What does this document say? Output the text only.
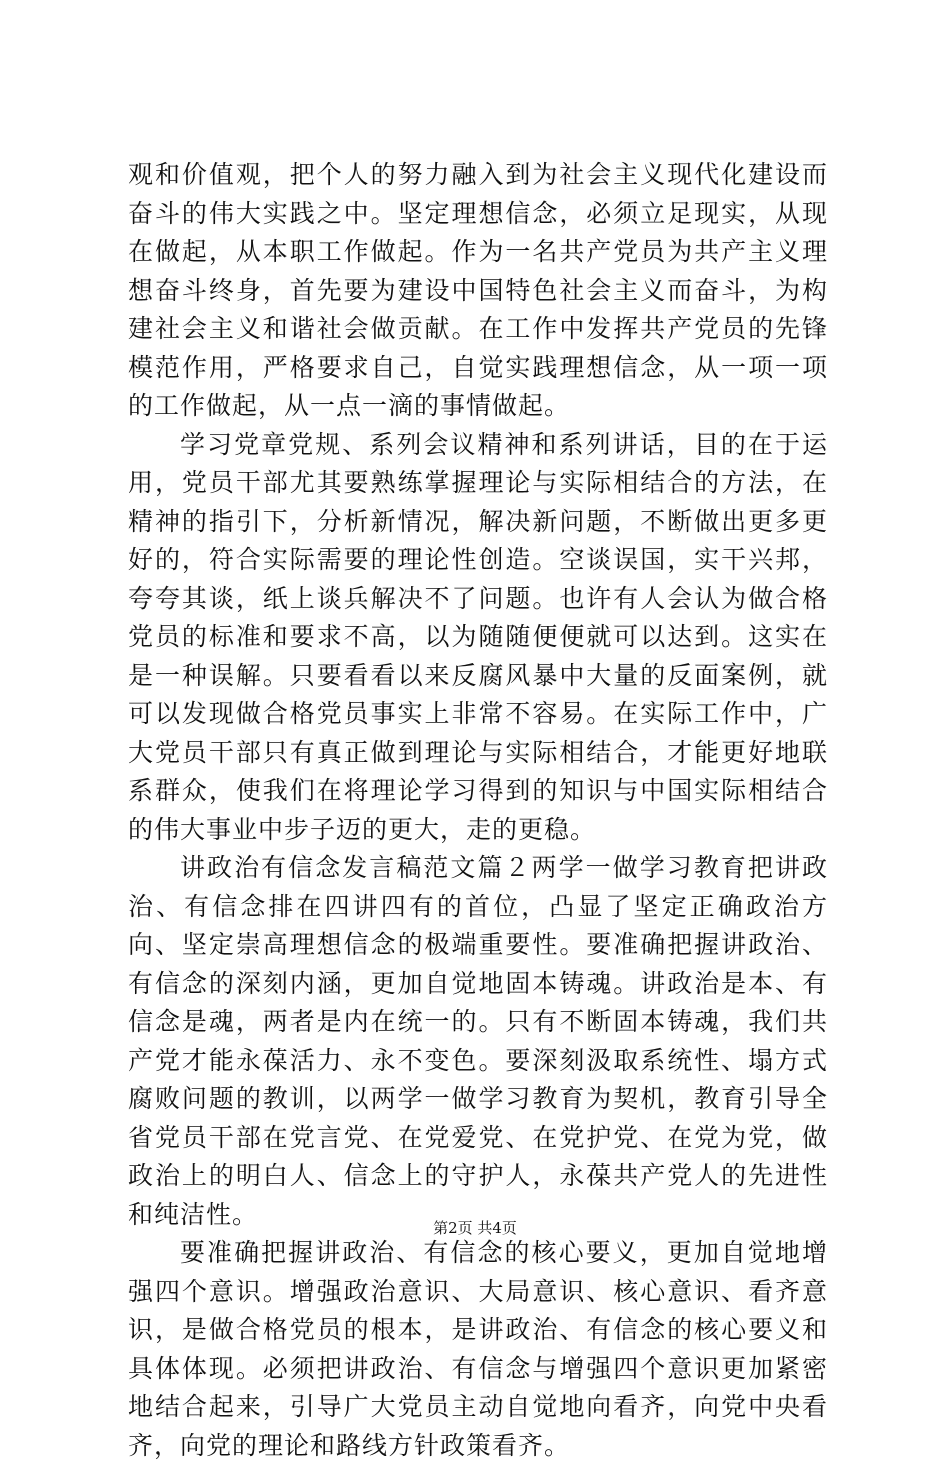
观和价值观，把个人的努力融入到为社会主义现代化建设而奋斗的伟大实践之中。坚定理想信念，必须立足现实，从现在做起，从本职工作做起。作为一名共产党员为共产主义理想奋斗终身，首先要为建设中国特色社会主义而奋斗，为构建社会主义和谐社会做贡献。在工作中发挥共产党员的先锋模范作用，严格要求自己，自觉实践理想信念，从一项一项的工作做起，从一点一滴的事情做起。

学习党章党规、系列会议精神和系列讲话，目的在于运用，党员干部尤其要熟练掌握理论与实际相结合的方法，在精神的指引下，分析新情况，解决新问题，不断做出更多更好的，符合实际需要的理论性创造。空谈误国，实干兴邦，夸夸其谈，纸上谈兵解决不了问题。也许有人会认为做合格党员的标准和要求不高，以为随随便便就可以达到。这实在是一种误解。只要看看以来反腐风暴中大量的反面案例，就可以发现做合格党员事实上非常不容易。在实际工作中，广大党员干部只有真正做到理论与实际相结合，才能更好地联系群众，使我们在将理论学习得到的知识与中国实际相结合的伟大事业中步子迈的更大，走的更稳。

讲政治有信念发言稿范文篇２两学一做学习教育把讲政治、有信念排在四讲四有的首位，凸显了坚定正确政治方向、坚定崇高理想信念的极端重要性。要准确把握讲政治、有信念的深刻内涵，更加自觉地固本铸魂。讲政治是本、有信念是魂，两者是内在统一的。只有不断固本铸魂，我们共产党才能永葆活力、永不变色。要深刻汲取系统性、塌方式腐败问题的教训，以两学一做学习教育为契机，教育引导全省党员干部在党言党、在党爱党、在党护党、在党为党，做政治上的明白人、信念上的守护人，永葆共产党人的先进性和纯洁性。

要准确把握讲政治、有信念的核心要义，更加自觉地增强四个意识。增强政治意识、大局意识、核心意识、看齐意识，是做合格党员的根本，是讲政治、有信念的核心要义和具体体现。必须把讲政治、有信念与增强四个意识更加紧密地结合起来，引导广大党员主动自觉地向看齐，向党中央看齐，向党的理论和路线方针政策看齐。

第2页 共4页
